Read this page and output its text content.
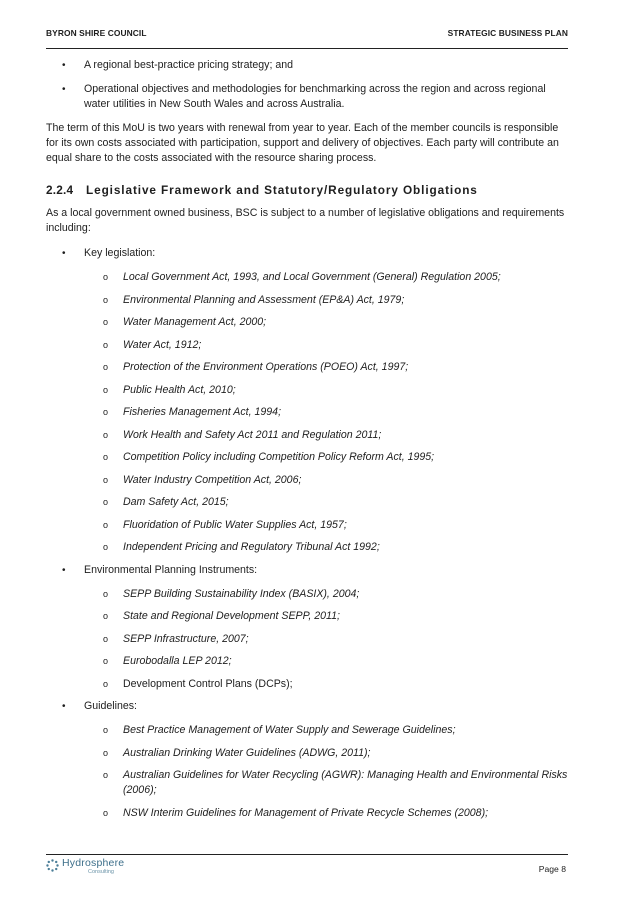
BYRON SHIRE COUNCIL	STRATEGIC BUSINESS PLAN
• A regional best-practice pricing strategy; and
• Operational objectives and methodologies for benchmarking across the region and across regional water utilities in New South Wales and across Australia.

The term of this MoU is two years with renewal from year to year. Each of the member councils is responsible for its own costs associated with participation, support and delivery of objectives. Each party will contribute an equal share to the costs associated with the resource sharing process.

2.2.4 Legislative Framework and Statutory/Regulatory Obligations

As a local government owned business, BSC is subject to a number of legislative obligations and requirements including:

• Key legislation:
o Local Government Act, 1993, and Local Government (General) Regulation 2005;
o Environmental Planning and Assessment (EP&A) Act, 1979;
o Water Management Act, 2000;
o Water Act, 1912;
o Protection of the Environment Operations (POEO) Act, 1997;
o Public Health Act, 2010;
o Fisheries Management Act, 1994;
o Work Health and Safety Act 2011 and Regulation 2011;
o Competition Policy including Competition Policy Reform Act, 1995;
o Water Industry Competition Act, 2006;
o Dam Safety Act, 2015;
o Fluoridation of Public Water Supplies Act, 1957;
o Independent Pricing and Regulatory Tribunal Act 1992;
• Environmental Planning Instruments:
o SEPP Building Sustainability Index (BASIX), 2004;
o State and Regional Development SEPP, 2011;
o SEPP Infrastructure, 2007;
o Eurobodalla LEP 2012;
o Development Control Plans (DCPs);
• Guidelines:
o Best Practice Management of Water Supply and Sewerage Guidelines;
o Australian Drinking Water Guidelines (ADWG, 2011);
o Australian Guidelines for Water Recycling (AGWR): Managing Health and Environmental Risks (2006);
o NSW Interim Guidelines for Management of Private Recycle Schemes (2008);
Hydrosphere
Consulting	Page 8
